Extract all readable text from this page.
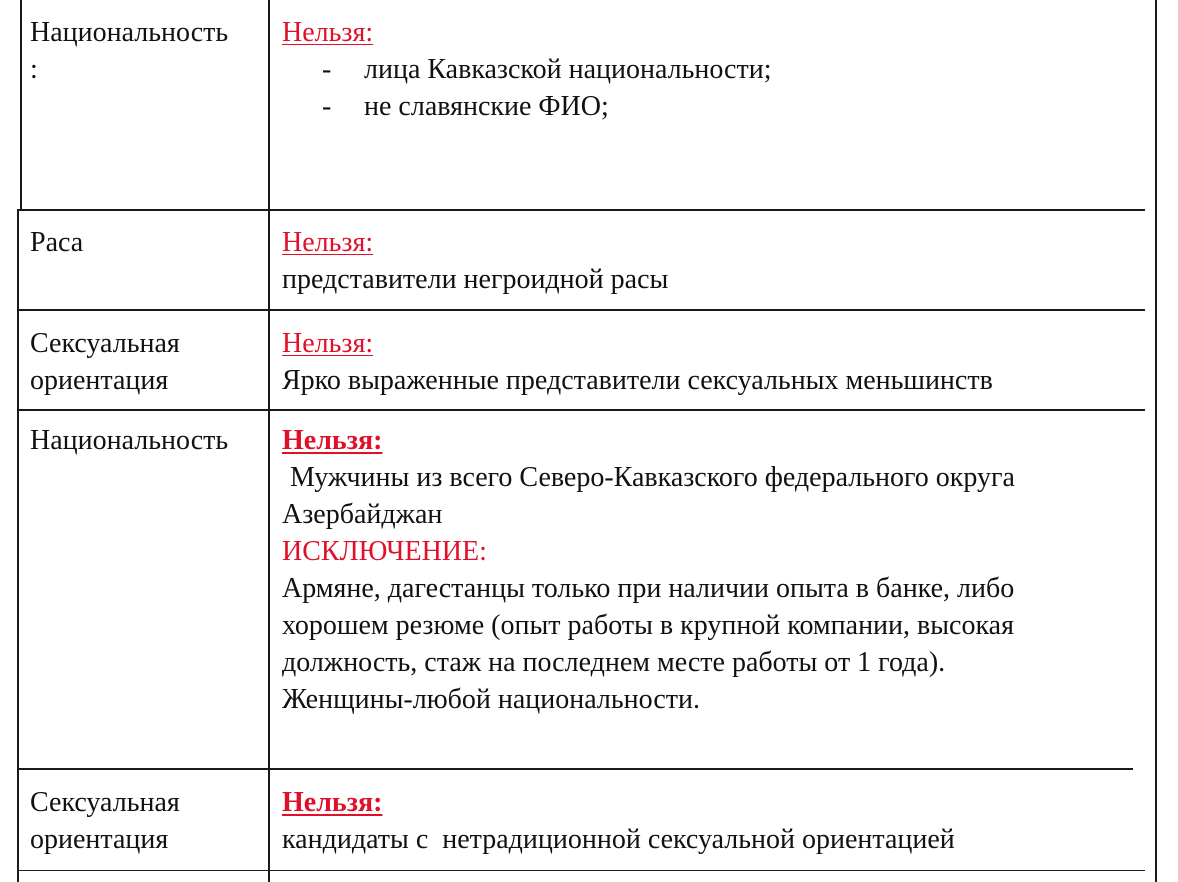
Национальность
:
Нельзя:
- лица Кавказской национальности;
- не славянские ФИО;
Раса	Нельзя:
представители негроидной расы
Сексуальная
ориентация
Нельзя:
Ярко выраженные представители сексуальных меньшинств
Национальность Нельзя:
Мужчины из всего Северо-Кавказского федерального округа
Азербайджан
ИСКЛЮЧЕНИЕ:
Армяне, дагестанцы только при наличии опыта в банке, либо
хорошем резюме (опыт работы в крупной компании, высокая
должность, стаж на последнем месте работы от 1 года).
Женщины-любой национальности.
Сексуальная
ориентация
Нельзя:
кандидаты с  нетрадиционной сексуальной ориентацией
